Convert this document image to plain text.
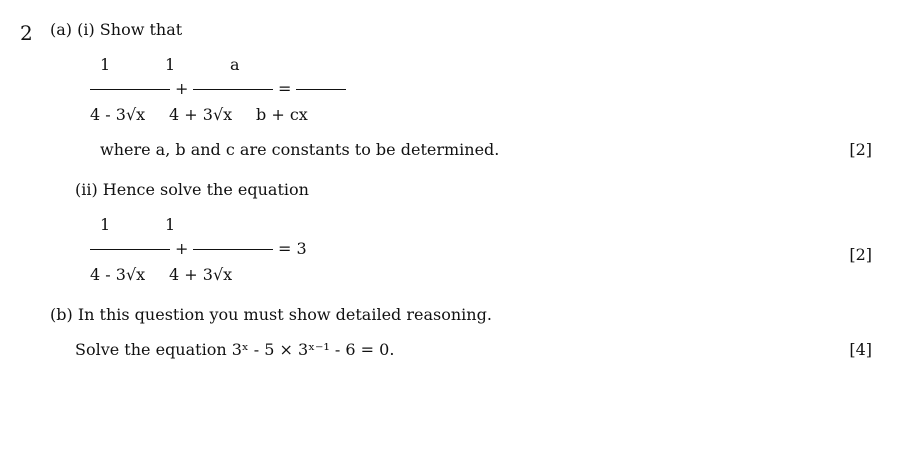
2 (a) (i) Show that
1	1	a
+	=
4 - 3√x 4 + 3√x b + cx
where a, b and c are constants to be determined.	[2]
(ii) Hence solve the equation
1	1
+	= 3
4 - 3√x 4 + 3√x
[2]
(b) In this question you must show detailed reasoning.
Solve the equation 3ˣ - 5 × 3ˣ⁻¹ - 6 = 0.	[4]
